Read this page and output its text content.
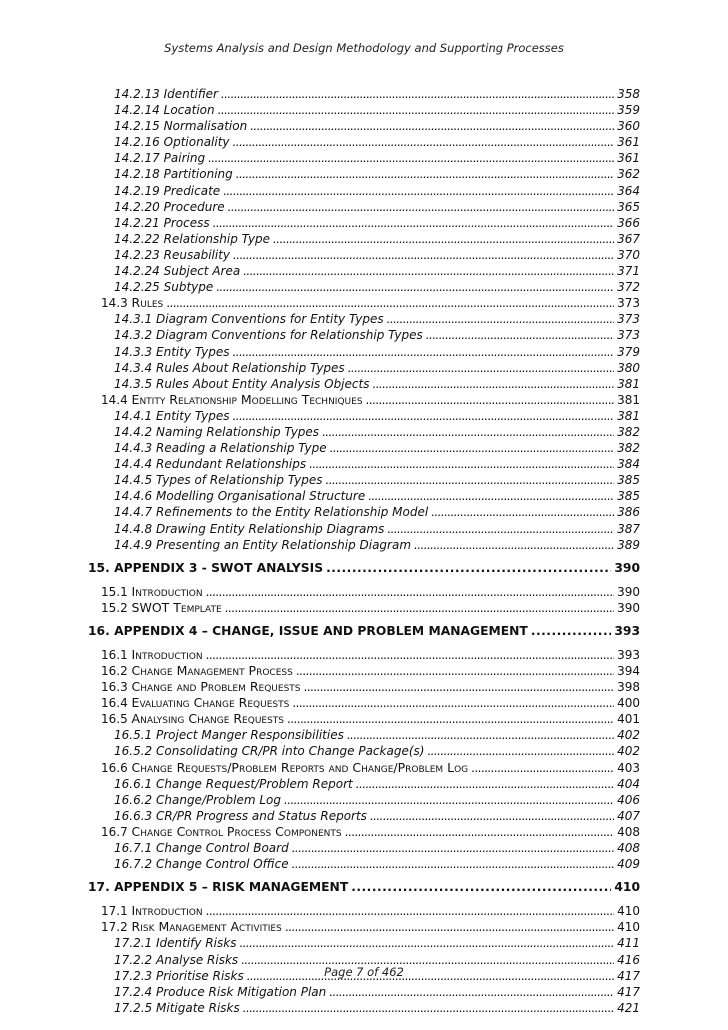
Systems Analysis and Design Methodology and Supporting Processes
14.2.13 Identifier . . .	358
14.2.14 Location . . .	359
14.2.15 Normalisation . . .	360
14.2.16 Optionality . . .	361
14.2.17 Pairing . . .	361
14.2.18 Partitioning . . .	362
14.2.19 Predicate . . .	364
14.2.20 Procedure . . .	365
14.2.21 Process . . .	366
14.2.22 Relationship Type . . .	367
14.2.23 Reusability . . .	370
14.2.24 Subject Area . . .	371
14.2.25 Subtype . . .	372
14.3 Rules . . .	373
14.3.1 Diagram Conventions for Entity Types . . .	373
14.3.2 Diagram Conventions for Relationship Types . . .	373
14.3.3 Entity Types . . .	379
14.3.4 Rules About Relationship Types . . .	380
14.3.5 Rules About Entity Analysis Objects . . .	381
14.4 Entity Relationship Modelling Techniques . . .	381
14.4.1 Entity Types . . .	381
14.4.2 Naming Relationship Types . . .	382
14.4.3 Reading a Relationship Type . . .	382
14.4.4 Redundant Relationships . . .	384
14.4.5 Types of Relationship Types . . .	385
14.4.6 Modelling Organisational Structure . . .	385
14.4.7 Refinements to the Entity Relationship Model . . .	386
14.4.8 Drawing Entity Relationship Diagrams . . .	387
14.4.9 Presenting an Entity Relationship Diagram . . .	389
15. APPENDIX 3 - SWOT ANALYSIS . . .	390
15.1 Introduction . . .	390
15.2 SWOT Template . . .	390
16. APPENDIX 4 – CHANGE, ISSUE AND PROBLEM MANAGEMENT . . .	393
16.1 Introduction . . .	393
16.2 Change Management Process . . .	394
16.3 Change and Problem Requests . . .	398
16.4 Evaluating Change Requests . . .	400
16.5 Analysing Change Requests . . .	401
16.5.1 Project Manger Responsibilities . . .	402
16.5.2 Consolidating CR/PR into Change Package(s) . . .	402
16.6 Change Requests/Problem Reports and Change/Problem Log . . .	403
16.6.1 Change Request/Problem Report . . .	404
16.6.2 Change/Problem Log . . .	406
16.6.3 CR/PR Progress and Status Reports . . .	407
16.7 Change Control Process Components . . .	408
16.7.1 Change Control Board . . .	408
16.7.2 Change Control Office . . .	409
17. APPENDIX 5 – RISK MANAGEMENT . . .	410
17.1 Introduction . . .	410
17.2 Risk Management Activities . . .	410
17.2.1 Identify Risks . . .	411
17.2.2 Analyse Risks . . .	416
17.2.3 Prioritise Risks . . .	417
17.2.4 Produce Risk Mitigation Plan . . .	417
17.2.5 Mitigate Risks . . .	421
Page 7 of 462
